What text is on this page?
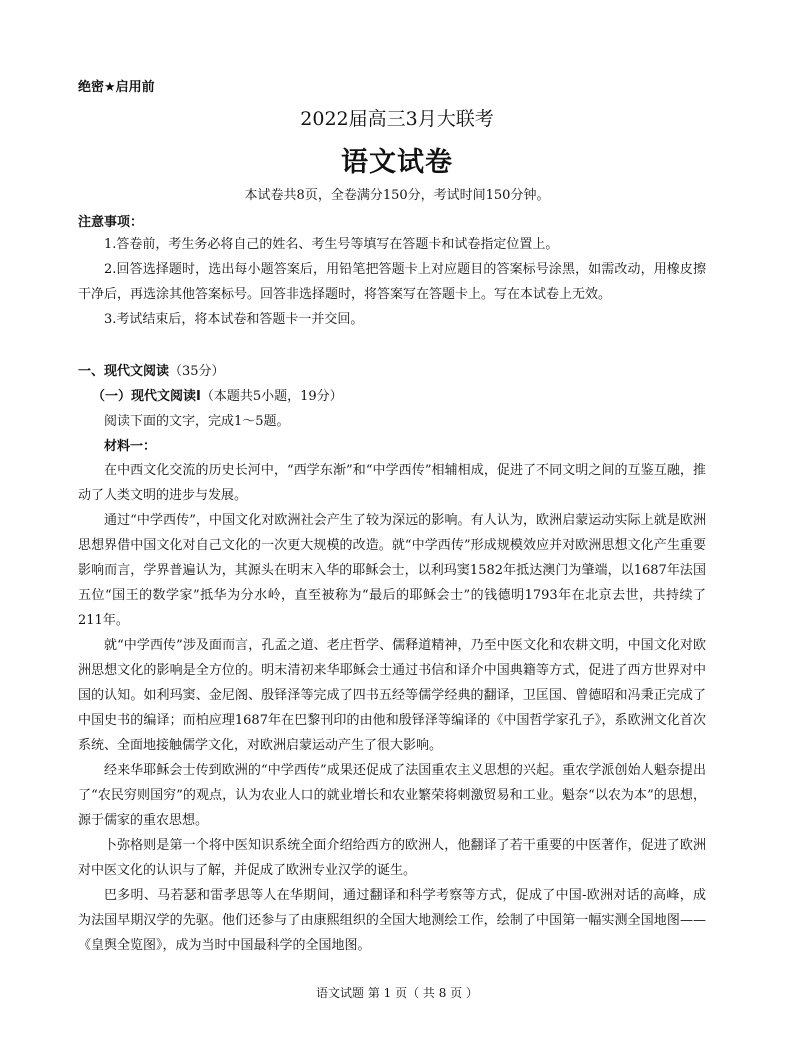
绝密★启用前
2022届高三3月大联考
语文试卷
本试卷共8页，全卷满分150分，考试时间150分钟。
注意事项：

1.答卷前，考生务必将自己的姓名、考生号等填写在答题卡和试卷指定位置上。

2.回答选择题时，选出每小题答案后，用铅笔把答题卡上对应题目的答案标号涂黑，如需改动，用橡皮擦干净后，再选涂其他答案标号。回答非选择题时，将答案写在答题卡上。写在本试卷上无效。

3.考试结束后，将本试卷和答题卡一并交回。

一、现代文阅读（35分）
（一）现代文阅读Ⅰ（本题共5小题，19分）
阅读下面的文字，完成1～5题。
材料一：

在中西文化交流的历史长河中，“西学东渐”和“中学西传”相辅相成，促进了不同文明之间的互鉴互融，推动了人类文明的进步与发展。

通过“中学西传”，中国文化对欧洲社会产生了较为深远的影响。有人认为，欧洲启蒙运动实际上就是欧洲思想界借中国文化对自己文化的一次更大规模的改造。就“中学西传”形成规模效应并对欧洲思想文化产生重要影响而言，学界普遍认为，其源头在明末入华的耶稣会士，以利玛窦1582年抵达澳门为肇端，以1687年法国五位“国王的数学家”抵华为分水岭，直至被称为“最后的耶稣会士”的钱德明1793年在北京去世，共持续了211年。

就“中学西传”涉及面而言，孔孟之道、老庄哲学、儒释道精神，乃至中医文化和农耕文明，中国文化对欧洲思想文化的影响是全方位的。明末清初来华耶稣会士通过书信和译介中国典籍等方式，促进了西方世界对中国的认知。如利玛窦、金尼阁、殷铎泽等完成了四书五经等儒学经典的翻译，卫匡国、曾德昭和冯秉正完成了中国史书的编译；而柏应理1687年在巴黎刊印的由他和殷铎泽等编译的《中国哲学家孔子》，系欧洲文化首次系统、全面地接触儒学文化，对欧洲启蒙运动产生了很大影响。

经来华耶稣会士传到欧洲的“中学西传”成果还促成了法国重农主义思想的兴起。重农学派创始人魁奈提出了“农民穷则国穷”的观点，认为农业人口的就业增长和农业繁荣将刺激贸易和工业。魁奈“以农为本”的思想，源于儒家的重农思想。

卜弥格则是第一个将中医知识系统全面介绍给西方的欧洲人，他翻译了若干重要的中医著作，促进了欧洲对中医文化的认识与了解，并促成了欧洲专业汉学的诞生。

巴多明、马若瑟和雷孝思等人在华期间，通过翻译和科学考察等方式，促成了中国-欧洲对话的高峰，成为法国早期汉学的先驱。他们还参与了由康熙组织的全国大地测绘工作，绘制了中国第一幅实测全国地图——《皇舆全览图》，成为当时中国最科学的全国地图。

语文试题 第 1 页（ 共 8 页 ）
